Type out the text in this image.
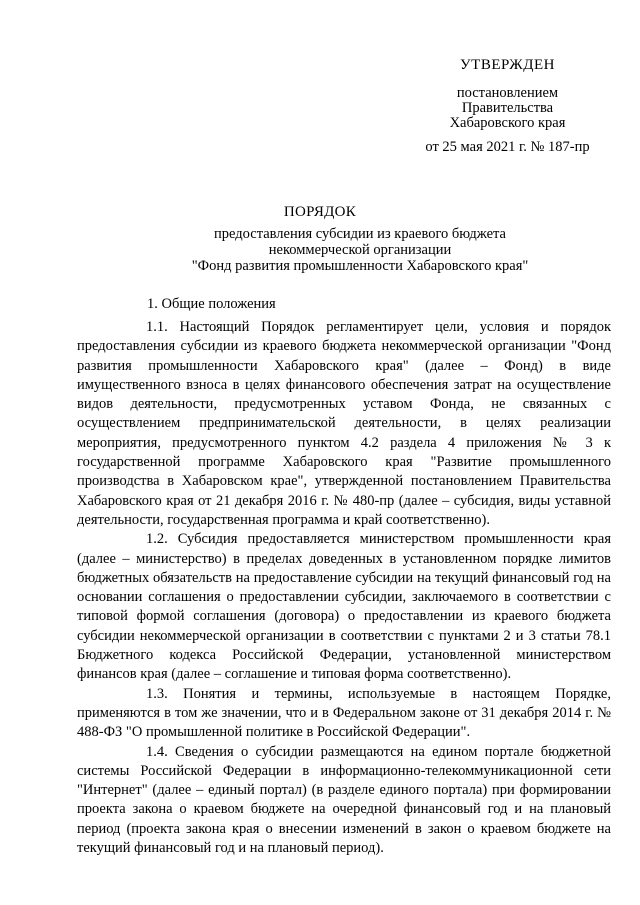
УТВЕРЖДЕН
постановлением
Правительства
Хабаровского края
от 25 мая 2021 г. № 187-пр
ПОРЯДОК
предоставления субсидии из краевого бюджета
некоммерческой организации
"Фонд развития промышленности Хабаровского края"
1. Общие положения

1.1. Настоящий Порядок регламентирует цели, условия и порядок предоставления субсидии из краевого бюджета некоммерческой организации "Фонд развития промышленности Хабаровского края" (далее – Фонд) в виде имущественного взноса в целях финансового обеспечения затрат на осуществление видов деятельности, предусмотренных уставом Фонда, не связанных с осуществлением предпринимательской деятельности, в целях реализации мероприятия, предусмотренного пунктом 4.2 раздела 4 приложения № 3 к государственной программе Хабаровского края "Развитие промышленного производства в Хабаровском крае", утвержденной постановлением Правительства Хабаровского края от 21 декабря 2016 г. № 480-пр (далее – субсидия, виды уставной деятельности, государственная программа и край соответственно).

1.2. Субсидия предоставляется министерством промышленности края (далее – министерство) в пределах доведенных в установленном порядке лимитов бюджетных обязательств на предоставление субсидии на текущий финансовый год на основании соглашения о предоставлении субсидии, заключаемого в соответствии с типовой формой соглашения (договора) о предоставлении из краевого бюджета субсидии некоммерческой организации в соответствии с пунктами 2 и 3 статьи 78.1 Бюджетного кодекса Российской Федерации, установленной министерством финансов края (далее – соглашение и типовая форма соответственно).

1.3. Понятия и термины, используемые в настоящем Порядке, применяются в том же значении, что и в Федеральном законе от 31 декабря 2014 г. № 488-ФЗ "О промышленной политике в Российской Федерации".

1.4. Сведения о субсидии размещаются на едином портале бюджетной системы Российской Федерации в информационно-телекоммуникационной сети "Интернет" (далее – единый портал) (в разделе единого портала) при формировании проекта закона о краевом бюджете на очередной финансовый год и на плановый период (проекта закона края о внесении изменений в закон о краевом бюджете на текущий финансовый год и на плановый период).
